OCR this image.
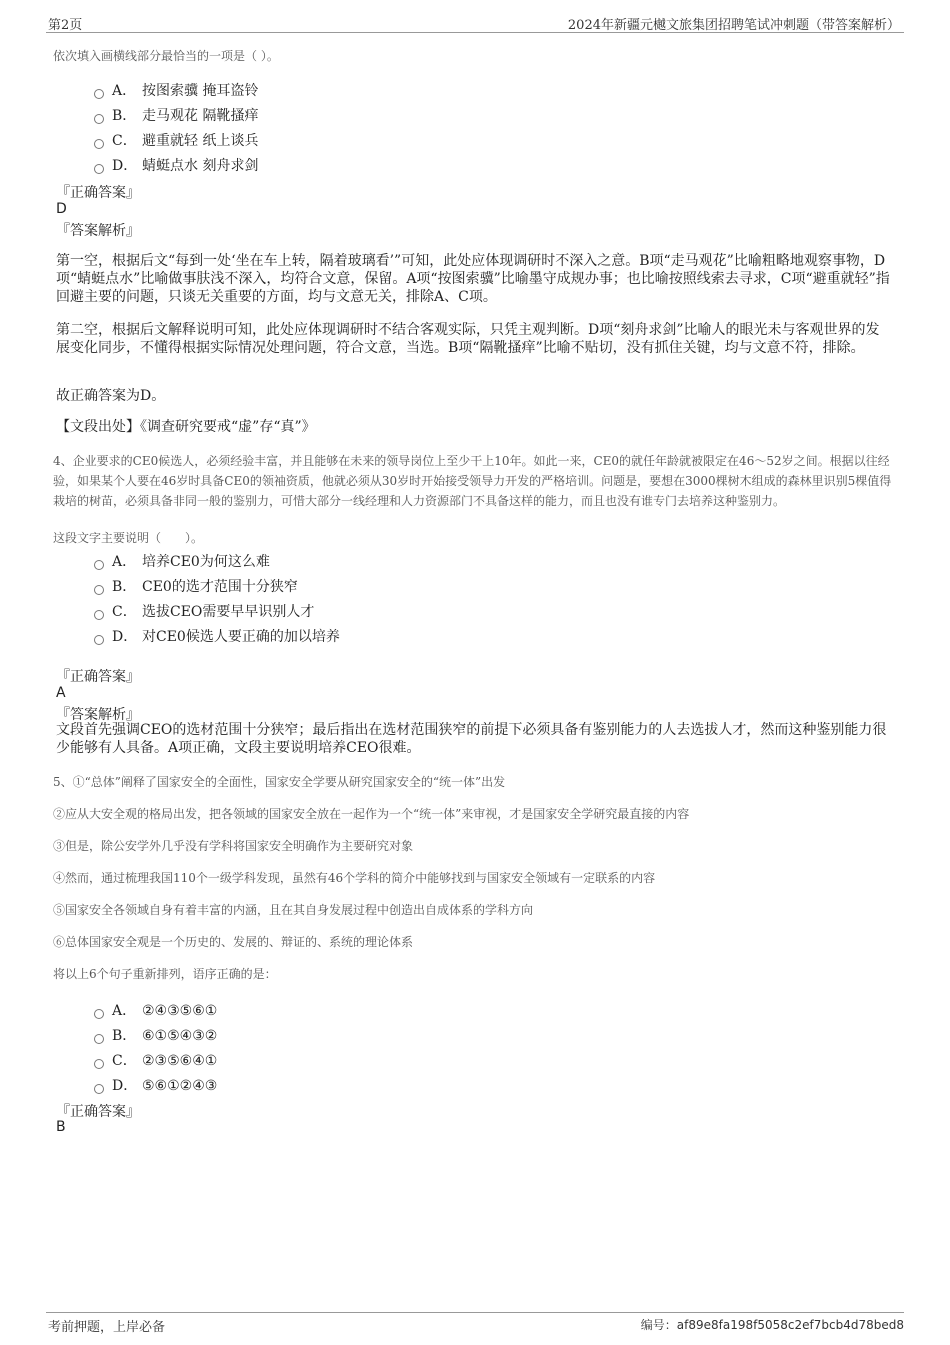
第2页	2024年新疆元樾文旅集团招聘笔试冲刺题（带答案解析）
依次填入画横线部分最恰当的一项是（ ）。
A． 按图索骥 掩耳盗铃
B． 走马观花 隔靴搔痒
C． 避重就轻 纸上谈兵
D． 蜻蜓点水 刻舟求剑
『正确答案』
D
『答案解析』
第一空，根据后文“每到一处‘坐在车上转，隔着玻璃看’”可知，此处应体现调研时不深入之意。B项“走马观花”比喻粗略地观察事物，D项“蜻蜓点水”比喻做事肤浅不深入，均符合文意，保留。A项“按图索骥”比喻墨守成规办事；也比喻按照线索去寻求，C项“避重就轻”指回避主要的问题，只谈无关重要的方面，均与文意无关，排除A、C项。
第二空，根据后文解释说明可知，此处应体现调研时不结合客观实际，只凭主观判断。D项“刻舟求剑”比喻人的眼光未与客观世界的发展变化同步，不懂得根据实际情况处理问题，符合文意，当选。B项“隔靴搔痒”比喻不贴切，没有抓住关键，均与文意不符，排除。
故正确答案为D。
【文段出处】《调查研究要戒“虚”存“真”》
4、企业要求的CE0候选人，必须经验丰富，并且能够在未来的领导岗位上至少干上10年。如此一来，CE0的就任年龄就被限定在46～52岁之间。根据以往经验，如果某个人要在46岁时具备CE0的领袖资质，他就必须从30岁时开始接受领导力开发的严格培训。问题是，要想在3000棵树木组成的森林里识别5棵值得栽培的树苗，必须具备非同一般的鉴别力，可惜大部分一线经理和人力资源部门不具备这样的能力，而且也没有谁专门去培养这种鉴别力。
这段文字主要说明（　　）。
A． 培养CE0为何这么难
B． CE0的选才范围十分狭窄
C． 选拔CEO需要早早识别人才
D． 对CE0候选人要正确的加以培养
『正确答案』
A
『答案解析』
文段首先强调CEO的选材范围十分狭窄；最后指出在选材范围狭窄的前提下必须具备有鉴别能力的人去选拔人才，然而这种鉴别能力很少能够有人具备。A项正确，文段主要说明培养CEO很难。
5、①“总体”阐释了国家安全的全面性，国家安全学要从研究国家安全的“统一体”出发
②应从大安全观的格局出发，把各领域的国家安全放在一起作为一个“统一体”来审视，才是国家安全学研究最直接的内容
③但是，除公安学外几乎没有学科将国家安全明确作为主要研究对象
④然而，通过梳理我国110个一级学科发现，虽然有46个学科的简介中能够找到与国家安全领域有一定联系的内容
⑤国家安全各领域自身有着丰富的内涵，且在其自身发展过程中创造出自成体系的学科方向
⑥总体国家安全观是一个历史的、发展的、辩证的、系统的理论体系
将以上6个句子重新排列，语序正确的是：
A． ②④③⑤⑥①
B． ⑥①⑤④③②
C． ②③⑤⑥④①
D． ⑤⑥①②④③
『正确答案』
B
考前押题，上岸必备	编号：af89e8fa198f5058c2ef7bcb4d78bed8
